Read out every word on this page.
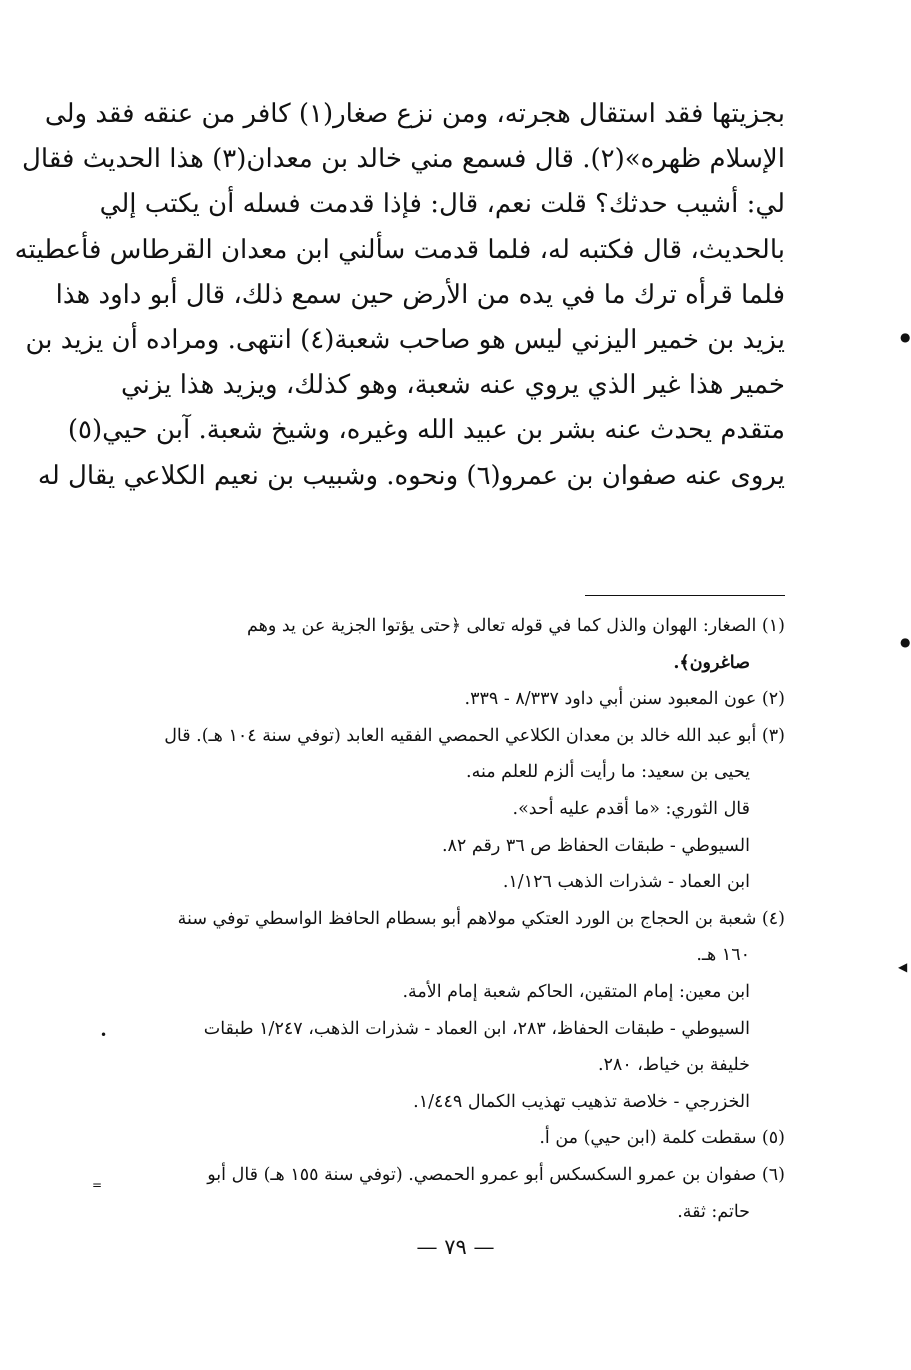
بجزيتها فقد استقال هجرته، ومن نزع صغار(١) كافر من عنقه فقد ولى
الإسلام ظهره»(٢). قال فسمع مني خالد بن معدان(٣) هذا الحديث فقال
لي: أشيب حدثك؟ قلت نعم، قال: فإذا قدمت فسله أن يكتب إلي
بالحديث، قال فكتبه له، فلما قدمت سألني ابن معدان القرطاس فأعطيته
فلما قرأه ترك ما في يده من الأرض حين سمع ذلك، قال أبو داود هذا
يزيد بن خمير اليزني ليس هو صاحب شعبة(٤) انتهى. ومراده أن يزيد بن
خمير هذا غير الذي يروي عنه شعبة، وهو كذلك، ويزيد هذا يزني
متقدم يحدث عنه بشر بن عبيد الله وغيره، وشيخ شعبة. آبن حيي(٥)
يروى عنه صفوان بن عمرو(٦) ونحوه. وشبيب بن نعيم الكلاعي يقال له

(١) الصغار: الهوان والذل كما في قوله تعالى ﴿حتى يؤتوا الجزية عن يد وهم
صاغرون﴾.
(٢) عون المعبود سنن أبي داود ٨/٣٣٧ - ٣٣٩.
(٣) أبو عبد الله خالد بن معدان الكلاعي الحمصي الفقيه العابد (توفي سنة ١٠٤ هـ). قال
يحيى بن سعيد: ما رأيت ألزم للعلم منه.
قال الثوري: «ما أقدم عليه أحد».
السيوطي - طبقات الحفاظ ص ٣٦ رقم ٨٢.
ابن العماد - شذرات الذهب ١/١٢٦.
(٤) شعبة بن الحجاج بن الورد العتكي مولاهم أبو بسطام الحافظ الواسطي توفي سنة
١٦٠ هـ.
ابن معين: إمام المتقين، الحاكم شعبة إمام الأمة.
السيوطي - طبقات الحفاظ، ٢٨٣، ابن العماد - شذرات الذهب، ١/٢٤٧ طبقات
خليفة بن خياط، ٢٨٠.
الخزرجي - خلاصة تذهيب تهذيب الكمال ١/٤٤٩.
(٥) سقطت كلمة (ابن حيي) من أ.
(٦) صفوان بن عمرو السكسكس أبو عمرو الحمصي. (توفي سنة ١٥٥ هـ) قال أبو
حاتم: ثقة.
— ٧٩ —
●
●
◀
•
=
